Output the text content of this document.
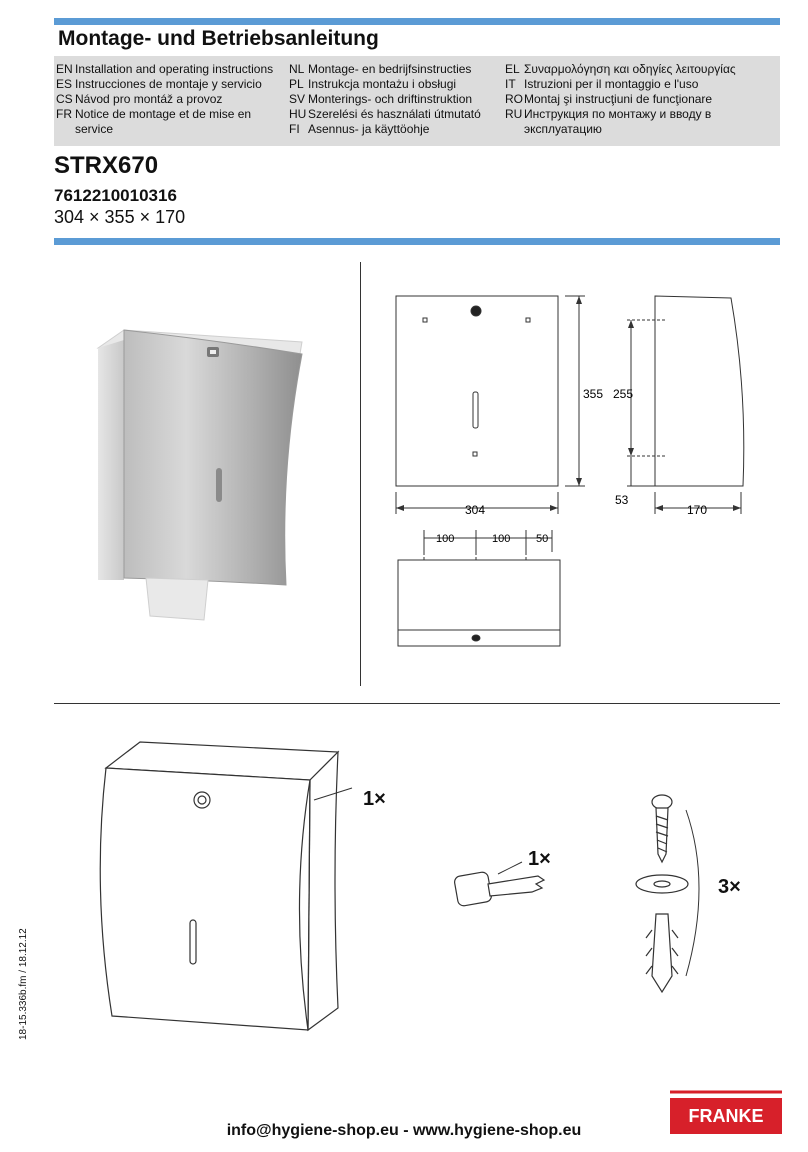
Montage- und Betriebsanleitung
EN Installation and operating instructions
ES Instrucciones de montaje y servicio
CS Návod pro montáž a provoz
FR Notice de montage et de mise en service
NL Montage- en bedrijfsinstructies
PL Instrukcja montażu i obsługi
SV Monterings- och driftinstruktion
HU Szerelési és használati útmutató
FI Asennus- ja käyttöohje
EL Συναρμολόγηση και οδηγίες λειτουργίας
IT Istruzioni per il montaggio e l'uso
RO Montaj şi instrucţiuni de funcţionare
RU Инструкция по монтажу и вводу в эксплуатацию
STRX670
7612210010316
304 × 355 × 170
355
304
255
53
170
100	100 50
1×
1×
3×
18-15.336b.fm / 18.12.12
info@hygiene-shop.eu - www.hygiene-shop.eu
FRANKE
